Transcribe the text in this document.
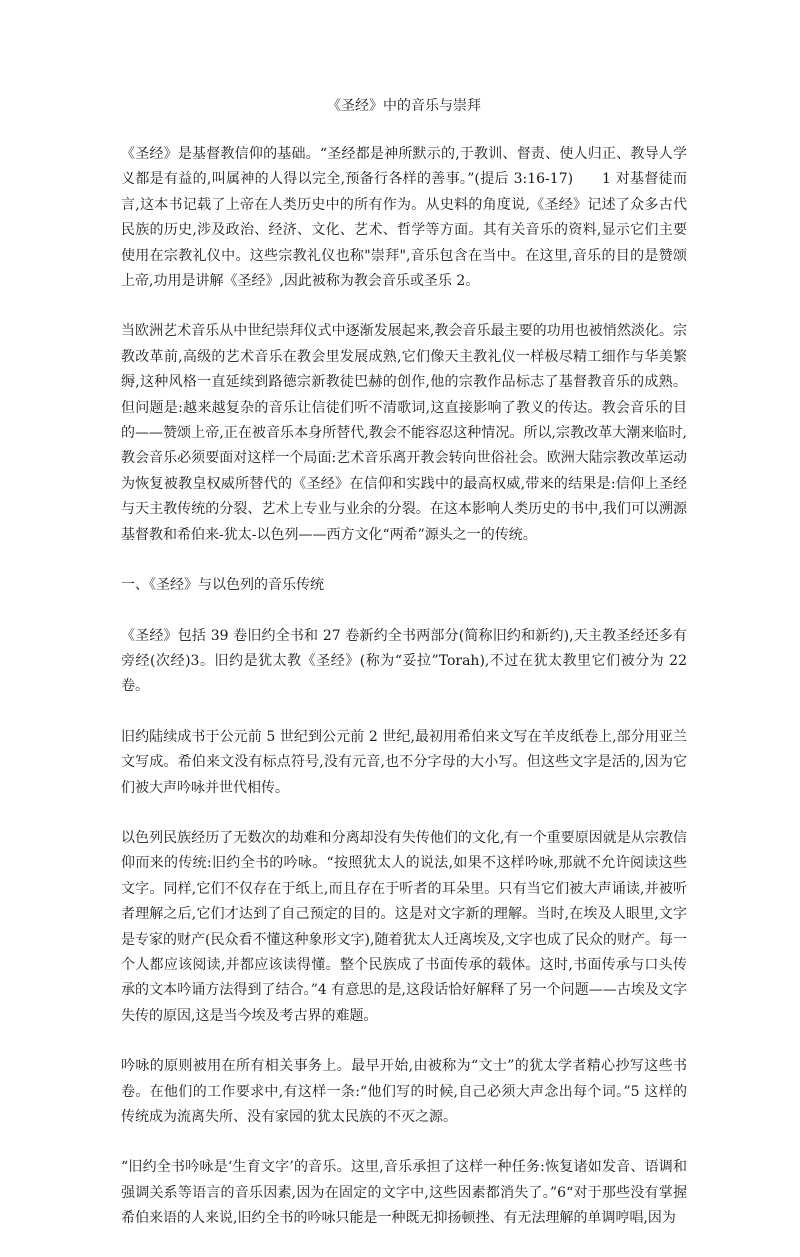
《圣经》中的音乐与崇拜

《圣经》是基督教信仰的基础。“圣经都是神所默示的,于教训、督责、使人归正、教导人学义都是有益的,叫属神的人得以完全,预备行各样的善事。”(提后 3:16-17)　　1 对基督徒而言,这本书记载了上帝在人类历史中的所有作为。从史料的角度说,《圣经》记述了众多古代民族的历史,涉及政治、经济、文化、艺术、哲学等方面。其有关音乐的资料,显示它们主要使用在宗教礼仪中。这些宗教礼仪也称"崇拜",音乐包含在当中。在这里,音乐的目的是赞颂上帝,功用是讲解《圣经》,因此被称为教会音乐或圣乐 2。

当欧洲艺术音乐从中世纪崇拜仪式中逐渐发展起来,教会音乐最主要的功用也被悄然淡化。宗教改革前,高级的艺术音乐在教会里发展成熟,它们像天主教礼仪一样极尽精工细作与华美繁缛,这种风格一直延续到路德宗新教徒巴赫的创作,他的宗教作品标志了基督教音乐的成熟。但问题是:越来越复杂的音乐让信徒们听不清歌词,这直接影响了教义的传达。教会音乐的目的——赞颂上帝,正在被音乐本身所替代,教会不能容忍这种情况。所以,宗教改革大潮来临时,教会音乐必须要面对这样一个局面:艺术音乐离开教会转向世俗社会。欧洲大陆宗教改革运动为恢复被教皇权威所替代的《圣经》在信仰和实践中的最高权威,带来的结果是:信仰上圣经与天主教传统的分裂、艺术上专业与业余的分裂。在这本影响人类历史的书中,我们可以溯源基督教和希伯来-犹太-以色列——西方文化“两希”源头之一的传统。

一、《圣经》与以色列的音乐传统

《圣经》包括 39 卷旧约全书和 27 卷新约全书两部分(简称旧约和新约),天主教圣经还多有旁经(次经)3。旧约是犹太教《圣经》(称为“妥拉”Torah),不过在犹太教里它们被分为 22 卷。

旧约陆续成书于公元前 5 世纪到公元前 2 世纪,最初用希伯来文写在羊皮纸卷上,部分用亚兰文写成。希伯来文没有标点符号,没有元音,也不分字母的大小写。但这些文字是活的,因为它们被大声吟咏并世代相传。

以色列民族经历了无数次的劫难和分离却没有失传他们的文化,有一个重要原因就是从宗教信仰而来的传统:旧约全书的吟咏。“按照犹太人的说法,如果不这样吟咏,那就不允许阅读这些文字。同样,它们不仅存在于纸上,而且存在于听者的耳朵里。只有当它们被大声诵读,并被听者理解之后,它们才达到了自己预定的目的。这是对文字新的理解。当时,在埃及人眼里,文字是专家的财产(民众看不懂这种象形文字),随着犹太人迁离埃及,文字也成了民众的财产。每一个人都应该阅读,并都应该读得懂。整个民族成了书面传承的载体。这时,书面传承与口头传承的文本吟诵方法得到了结合。”4 有意思的是,这段话恰好解释了另一个问题——古埃及文字失传的原因,这是当今埃及考古界的难题。

吟咏的原则被用在所有相关事务上。最早开始,由被称为“文士”的犹太学者精心抄写这些书卷。在他们的工作要求中,有这样一条:“他们写的时候,自己必须大声念出每个词。”5 这样的传统成为流离失所、没有家园的犹太民族的不灭之源。

“旧约全书吟咏是‘生育文字’的音乐。这里,音乐承担了这样一种任务:恢复诸如发音、语调和强调关系等语言的音乐因素,因为在固定的文字中,这些因素都消失了。”6“对于那些没有掌握希伯来语的人来说,旧约全书的吟咏只能是一种既无抑扬顿挫、有无法理解的单调哼唱,因为
